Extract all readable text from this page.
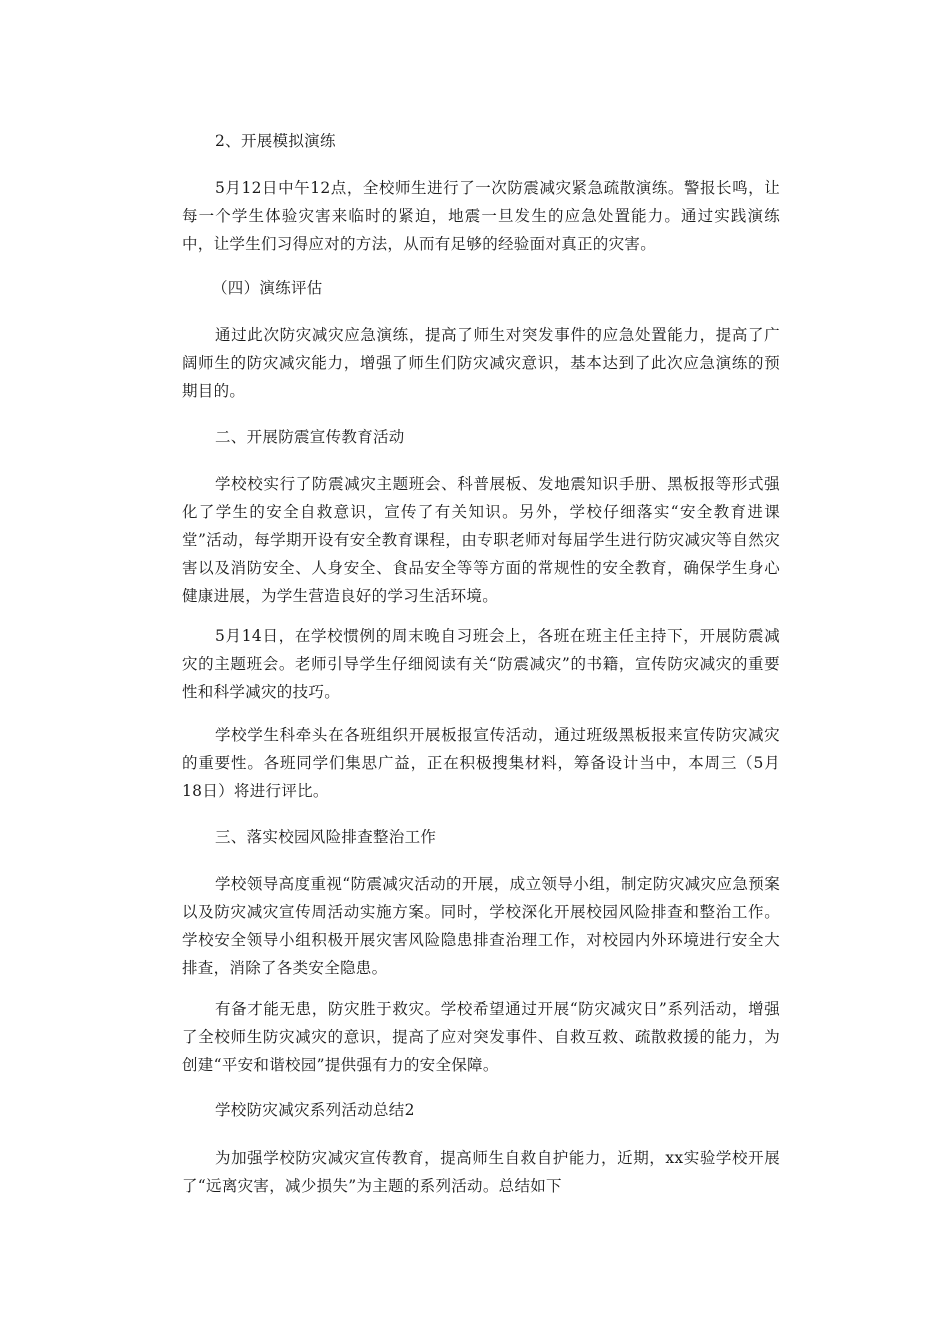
2、开展模拟演练

5月12日中午12点，全校师生进行了一次防震减灾紧急疏散演练。警报长鸣，让每一个学生体验灾害来临时的紧迫，地震一旦发生的应急处置能力。通过实践演练中，让学生们习得应对的方法，从而有足够的经验面对真正的灾害。

（四）演练评估

通过此次防灾减灾应急演练，提高了师生对突发事件的应急处置能力，提高了广阔师生的防灾减灾能力，增强了师生们防灾减灾意识，基本达到了此次应急演练的预期目的。

二、开展防震宣传教育活动

学校校实行了防震减灾主题班会、科普展板、发地震知识手册、黑板报等形式强化了学生的安全自救意识，宣传了有关知识。另外，学校仔细落实“安全教育进课堂”活动，每学期开设有安全教育课程，由专职老师对每届学生进行防灾减灾等自然灾害以及消防安全、人身安全、食品安全等等方面的常规性的安全教育，确保学生身心健康进展，为学生营造良好的学习生活环境。

5月14日，在学校惯例的周末晚自习班会上，各班在班主任主持下，开展防震减灾的主题班会。老师引导学生仔细阅读有关“防震减灾”的书籍，宣传防灾减灾的重要性和科学减灾的技巧。

学校学生科牵头在各班组织开展板报宣传活动，通过班级黑板报来宣传防灾减灾的重要性。各班同学们集思广益，正在积极搜集材料，筹备设计当中，本周三（5月18日）将进行评比。

三、落实校园风险排查整治工作

学校领导高度重视“防震减灾活动的开展，成立领导小组，制定防灾减灾应急预案以及防灾减灾宣传周活动实施方案。同时，学校深化开展校园风险排查和整治工作。学校安全领导小组积极开展灾害风险隐患排查治理工作，对校园内外环境进行安全大排查，消除了各类安全隐患。

有备才能无患，防灾胜于救灾。学校希望通过开展“防灾减灾日”系列活动，增强了全校师生防灾减灾的意识，提高了应对突发事件、自救互救、疏散救援的能力，为创建“平安和谐校园”提供强有力的安全保障。

学校防灾减灾系列活动总结2

为加强学校防灾减灾宣传教育，提高师生自救自护能力，近期，xx实验学校开展了“远离灾害，减少损失”为主题的系列活动。总结如下
